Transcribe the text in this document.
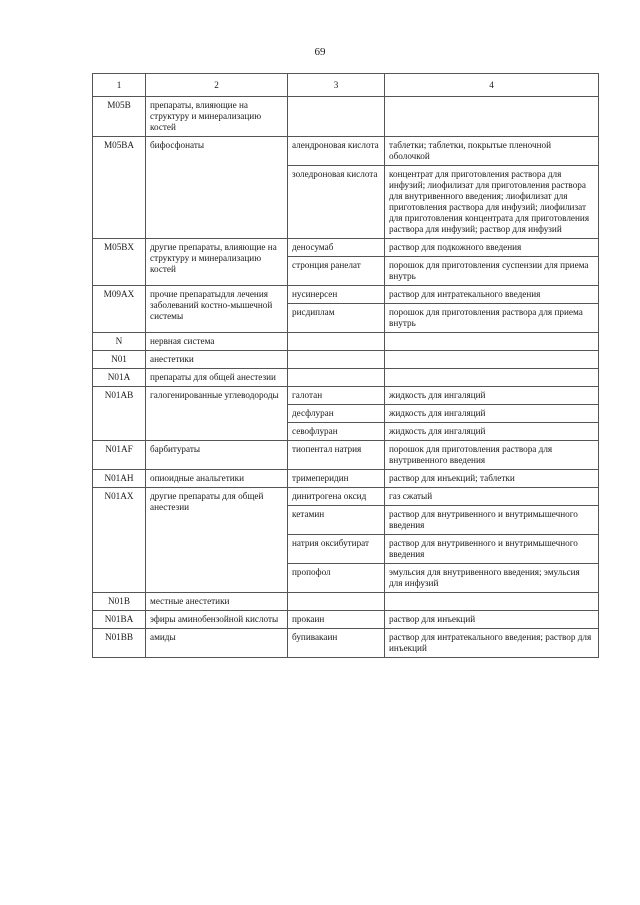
69
1	2	3	4
M05B	препараты, влияющие на структуру и минерализацию костей		
M05BA	бифосфонаты	алендроновая кислота	таблетки; таблетки, покрытые пленочной оболочкой
		золедроновая кислота	концентрат для приготовления раствора для инфузий; лиофилизат для приготовления раствора для внутривенного введения; лиофилизат для приготовления раствора для инфузий; лиофилизат для приготовления концентрата для приготовления раствора для инфузий; раствор для инфузий
M05BX	другие препараты, влияющие на структуру и минерализацию костей	деносумаб	раствор для подкожного введения
		стронция ранелат	порошок для приготовления суспензии для приема внутрь
M09AX	прочие препаратыдля лечения заболеваний костно-мышечной системы	нусинерсен	раствор для интратекального введения
		рисдиплам	порошок для приготовления раствора для приема внутрь
N	нервная система		
N01	анестетики		
N01A	препараты для общей анестезии		
N01AB	галогенированные углеводороды	галотан	жидкость для ингаляций
		десфлуран	жидкость для ингаляций
		севофлуран	жидкость для ингаляций
N01AF	барбитураты	тиопентал натрия	порошок для приготовления раствора для внутривенного введения
N01AH	опиоидные анальгетики	тримеперидин	раствор для инъекций; таблетки
N01AX	другие препараты для общей анестезии	динитрогена оксид	газ сжатый
		кетамин	раствор для внутривенного и внутримышечного введения
		натрия оксибутират	раствор для внутривенного и внутримышечного введения
		пропофол	эмульсия для внутривенного введения; эмульсия для инфузий
N01B	местные анестетики		
N01BA	эфиры аминобензойной кислоты	прокаин	раствор для инъекций
N01BB	амиды	бупивакаин	раствор для интратекального введения; раствор для инъекций
